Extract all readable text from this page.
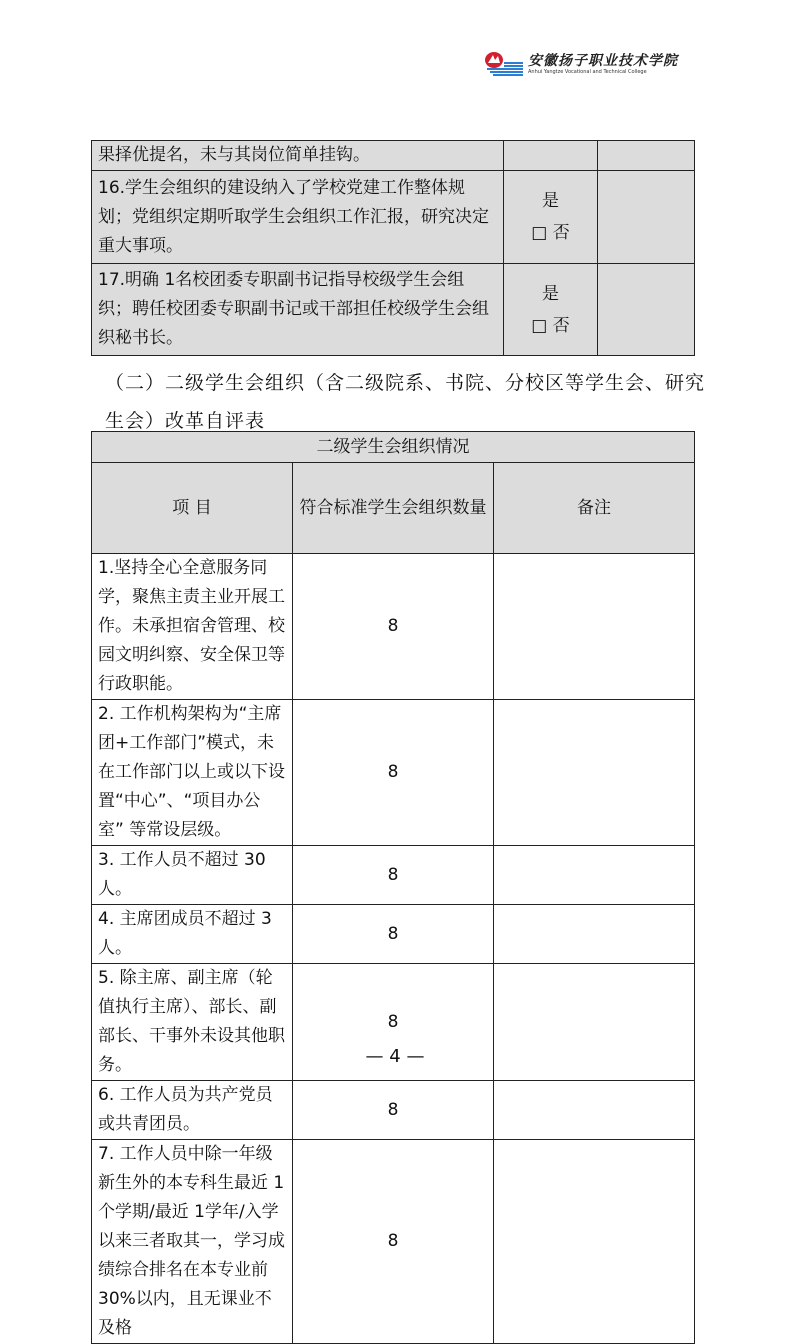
安徽扬子职业技术学院
Anhui Yangtze Vocational and Technical College
果择优提名，未与其岗位简单挂钩。		
16.学生会组织的建设纳入了学校党建工作整体规划；党组织定期听取学生会组织工作汇报，研究决定重大事项。	是
□ 否	

17.明确 1名校团委专职副书记指导校级学生会组织；聘任校团委专职副书记或干部担任校级学生会组织秘书长。	是
□ 否	

（二）二级学生会组织（含二级院系、书院、分校区等学生会、研究生会）改革自评表
二级学生会组织情况		
项 目	符合标准学生会组织数量	备注
1.坚持全心全意服务同学，聚焦主责主业开展工 作。未承担宿舍管理、校园文明纠察、安全保卫等行政职能。	8	
2. 工作机构架构为“主席团+工作部门”模式，未 在工作部门以上或以下设置“中心”、“项目办公室” 等常设层级。	8	
3. 工作人员不超过 30 人。	8	
4. 主席团成员不超过 3 人。	8	
5. 除主席、副主席（轮值执行主席）、部长、副部长、干事外未设其他职务。	8	
6. 工作人员为共产党员或共青团员。	8	
7. 工作人员中除一年级新生外的本专科生最近 1个学期/最近 1学年/入学以来三者取其一，学习成 绩综合排名在本专业前 30%以内，且无课业不及格	8	
— 4 —
